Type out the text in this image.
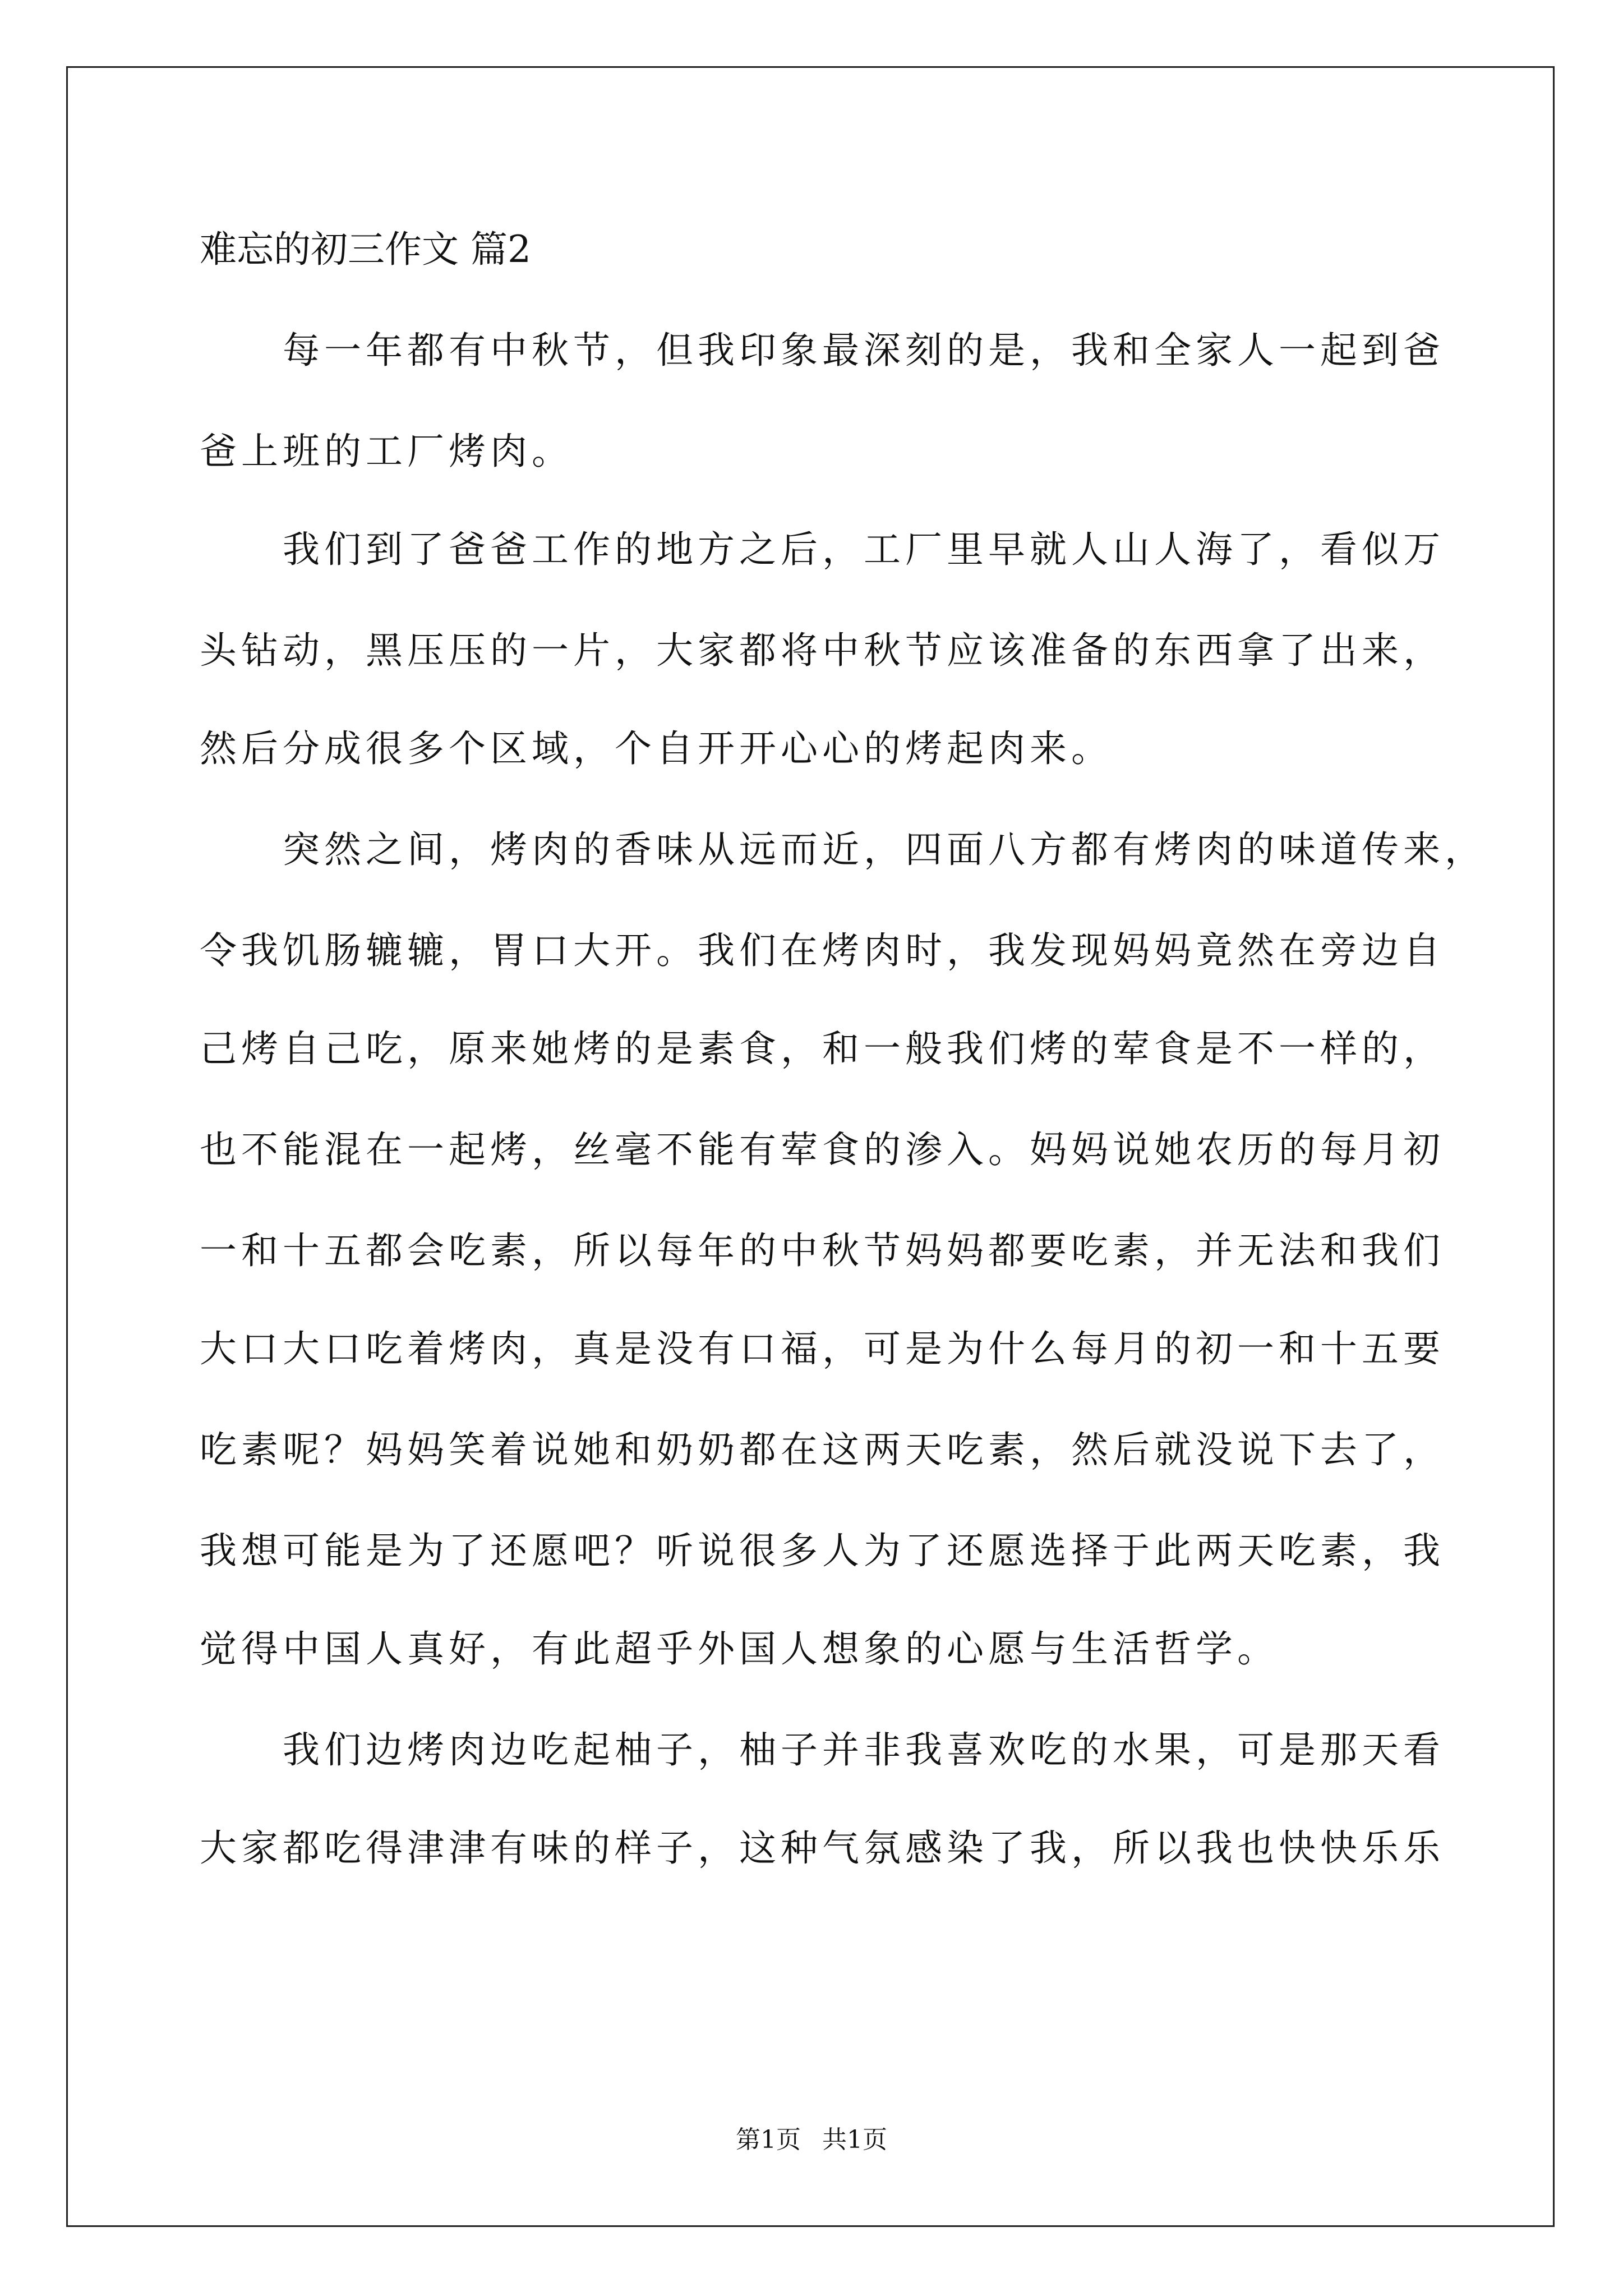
难忘的初三作文 篇2
每一年都有中秋节，但我印象最深刻的是，我和全家人一起到爸
爸上班的工厂烤肉。
我们到了爸爸工作的地方之后，工厂里早就人山人海了，看似万
头钻动，黑压压的一片，大家都将中秋节应该准备的东西拿了出来，
然后分成很多个区域，个自开开心心的烤起肉来。
突然之间，烤肉的香味从远而近，四面八方都有烤肉的味道传来，
令我饥肠辘辘，胃口大开。我们在烤肉时，我发现妈妈竟然在旁边自
己烤自己吃，原来她烤的是素食，和一般我们烤的荤食是不一样的，
也不能混在一起烤，丝毫不能有荤食的渗入。妈妈说她农历的每月初
一和十五都会吃素，所以每年的中秋节妈妈都要吃素，并无法和我们
大口大口吃着烤肉，真是没有口福，可是为什么每月的初一和十五要
吃素呢？妈妈笑着说她和奶奶都在这两天吃素，然后就没说下去了，
我想可能是为了还愿吧？听说很多人为了还愿选择于此两天吃素，我
觉得中国人真好，有此超乎外国人想象的心愿与生活哲学。
我们边烤肉边吃起柚子，柚子并非我喜欢吃的水果，可是那天看
大家都吃得津津有味的样子，这种气氛感染了我，所以我也快快乐乐
第1页 共1页
